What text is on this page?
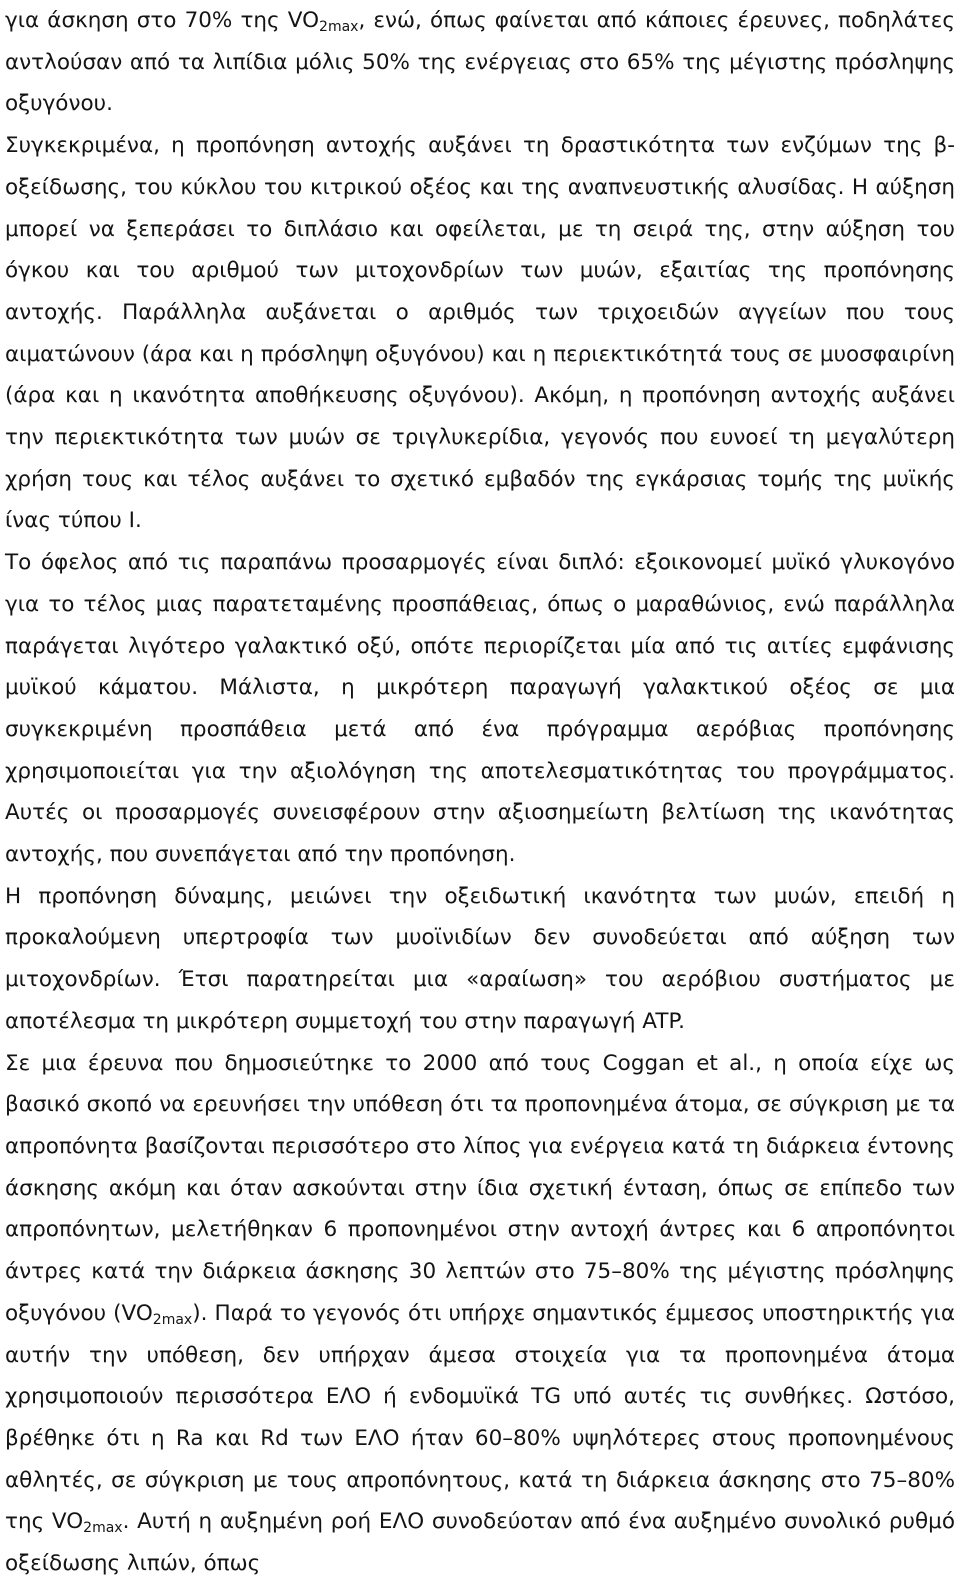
για άσκηση στο 70% της $VO_{2max}$, ενώ, όπως φαίνεται από κάποιες έρευνες, ποδηλάτες αντλούσαν από τα λιπίδια μόλις 50% της ενέργειας στο 65% της μέγιστης πρόσληψης οξυγόνου.

Συγκεκριμένα, η προπόνηση αντοχής αυξάνει τη δραστικότητα των ενζύμων της β-οξείδωσης, του κύκλου του κιτρικού οξέος και της αναπνευστικής αλυσίδας. Η αύξηση μπορεί να ξεπεράσει το διπλάσιο και οφείλεται, με τη σειρά της, στην αύξηση του όγκου και του αριθμού των μιτοχονδρίων των μυών, εξαιτίας της προπόνησης αντοχής. Παράλληλα αυξάνεται ο αριθμός των τριχοειδών αγγείων που τους αιματώνουν (άρα και η πρόσληψη οξυγόνου) και η περιεκτικότητά τους σε μυοσφαιρίνη (άρα και η ικανότητα αποθήκευσης οξυγόνου). Ακόμη, η προπόνηση αντοχής αυξάνει την περιεκτικότητα των μυών σε τριγλυκερίδια, γεγονός που ευνοεί τη μεγαλύτερη χρήση τους και τέλος αυξάνει το σχετικό εμβαδόν της εγκάρσιας τομής της μυϊκής ίνας τύπου Ι.

Το όφελος από τις παραπάνω προσαρμογές είναι διπλό: εξοικονομεί μυϊκό γλυκογόνο για το τέλος μιας παρατεταμένης προσπάθειας, όπως ο μαραθώνιος, ενώ παράλληλα παράγεται λιγότερο γαλακτικό οξύ, οπότε περιορίζεται μία από τις αιτίες εμφάνισης μυϊκού κάματου. Μάλιστα, η μικρότερη παραγωγή γαλακτικού οξέος σε μια συγκεκριμένη προσπάθεια μετά από ένα πρόγραμμα αερόβιας προπόνησης χρησιμοποιείται για την αξιολόγηση της αποτελεσματικότητας του προγράμματος. Αυτές οι προσαρμογές συνεισφέρουν στην αξιοσημείωτη βελτίωση της ικανότητας αντοχής, που συνεπάγεται από την προπόνηση.

Η προπόνηση δύναμης, μειώνει την οξειδωτική ικανότητα των μυών, επειδή η προκαλούμενη υπερτροφία των μυοϊνιδίων δεν συνοδεύεται από αύξηση των μιτοχονδρίων. Έτσι παρατηρείται μια «αραίωση» του αερόβιου συστήματος με αποτέλεσμα τη μικρότερη συμμετοχή του στην παραγωγή ATP.

Σε μια έρευνα που δημοσιεύτηκε το 2000 από τους Coggan et al., η οποία είχε ως βασικό σκοπό να ερευνήσει την υπόθεση ότι τα προπονημένα άτομα, σε σύγκριση με τα απροπόνητα βασίζονται περισσότερο στο λίπος για ενέργεια κατά τη διάρκεια έντονης άσκησης ακόμη και όταν ασκούνται στην ίδια σχετική ένταση, όπως σε επίπεδο των απροπόνητων, μελετήθηκαν 6 προπονημένοι στην αντοχή άντρες και 6 απροπόνητοι άντρες κατά την διάρκεια άσκησης 30 λεπτών στο 75–80% της μέγιστης πρόσληψης οξυγόνου $(VO_{2max})$. Παρά το γεγονός ότι υπήρχε σημαντικός έμμεσος υποστηρικτής για αυτήν την υπόθεση, δεν υπήρχαν άμεσα στοιχεία για τα προπονημένα άτομα χρησιμοποιούν περισσότερα ΕΛΟ ή ενδομυϊκά TG υπό αυτές τις συνθήκες. Ωστόσο, βρέθηκε ότι η Ra και Rd των ΕΛΟ ήταν 60–80% υψηλότερες στους προπονημένους αθλητές, σε σύγκριση με τους απροπόνητους, κατά τη διάρκεια άσκησης στο 75–80% της $VO_{2max}$. Αυτή η αυξημένη ροή ΕΛΟ συνοδεύοταν από ένα αυξημένο συνολικό ρυθμό οξείδωσης λιπών, όπως
